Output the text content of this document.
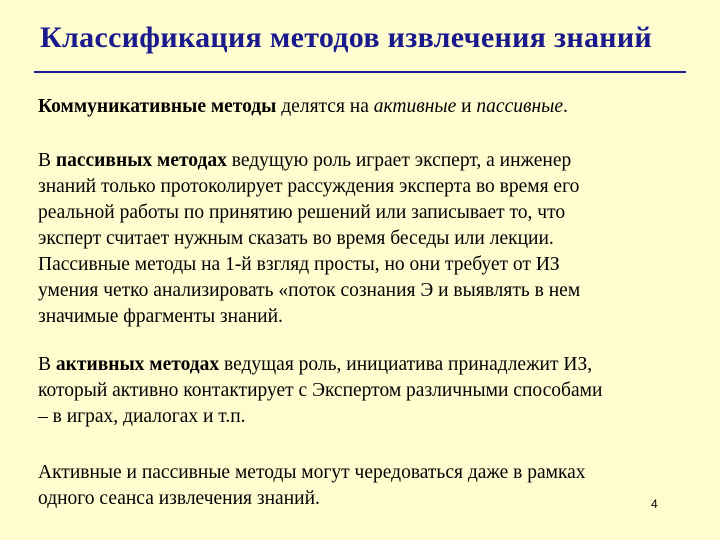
Классификация методов извлечения знаний
Коммуникативные методы делятся на активные и пассивные.
В пассивных методах ведущую роль играет эксперт, а инженер
знаний только протоколирует рассуждения эксперта во время его
реальной работы по принятию решений или записывает то, что
эксперт считает нужным сказать во время беседы или лекции.
Пассивные методы на 1-й взгляд просты, но они требует от ИЗ
умения четко анализировать «поток сознания Э и выявлять в нем
значимые фрагменты знаний.
В активных методах ведущая роль, инициатива принадлежит ИЗ,
который активно контактирует с Экспертом различными способами
– в играх, диалогах и т.п.
Активные и пассивные методы могут чередоваться даже в рамках
одного сеанса извлечения знаний.	4
